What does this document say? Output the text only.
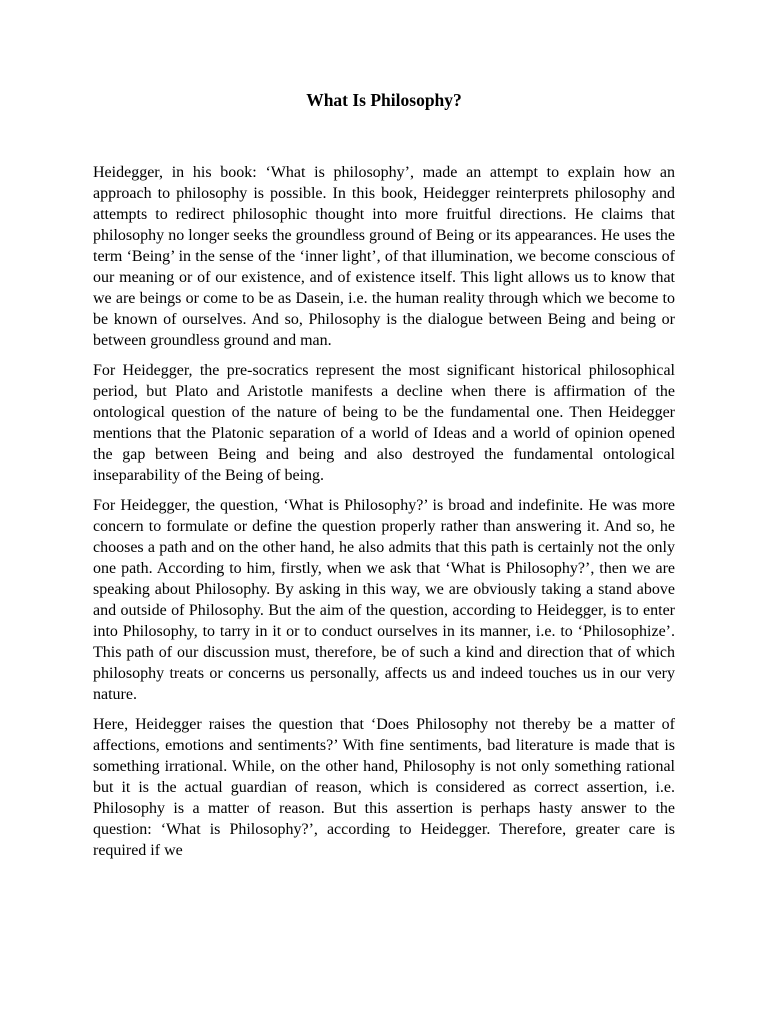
What Is Philosophy?

Heidegger, in his book: ‘What is philosophy’, made an attempt to explain how an approach to philosophy is possible. In this book, Heidegger reinterprets philosophy and attempts to redirect philosophic thought into more fruitful directions. He claims that philosophy no longer seeks the groundless ground of Being or its appearances. He uses the term ‘Being’ in the sense of the ‘inner light’, of that illumination, we become conscious of our meaning or of our existence, and of existence itself. This light allows us to know that we are beings or come to be as Dasein, i.e. the human reality through which we become to be known of ourselves. And so, Philosophy is the dialogue between Being and being or between groundless ground and man.

For Heidegger, the pre-socratics represent the most significant historical philosophical period, but Plato and Aristotle manifests a decline when there is affirmation of the ontological question of the nature of being to be the fundamental one. Then Heidegger mentions that the Platonic separation of a world of Ideas and a world of opinion opened the gap between Being and being and also destroyed the fundamental ontological inseparability of the Being of being.

For Heidegger, the question, ‘What is Philosophy?’ is broad and indefinite. He was more concern to formulate or define the question properly rather than answering it. And so, he chooses a path and on the other hand, he also admits that this path is certainly not the only one path. According to him, firstly, when we ask that ‘What is Philosophy?’, then we are speaking about Philosophy. By asking in this way, we are obviously taking a stand above and outside of Philosophy. But the aim of the question, according to Heidegger, is to enter into Philosophy, to tarry in it or to conduct ourselves in its manner, i.e. to ‘Philosophize’. This path of our discussion must, therefore, be of such a kind and direction that of which philosophy treats or concerns us personally, affects us and indeed touches us in our very nature.

Here, Heidegger raises the question that ‘Does Philosophy not thereby be a matter of affections, emotions and sentiments?’ With fine sentiments, bad literature is made that is something irrational. While, on the other hand, Philosophy is not only something rational but it is the actual guardian of reason, which is considered as correct assertion, i.e. Philosophy is a matter of reason. But this assertion is perhaps hasty answer to the question: ‘What is Philosophy?’, according to Heidegger. Therefore, greater care is required if we
